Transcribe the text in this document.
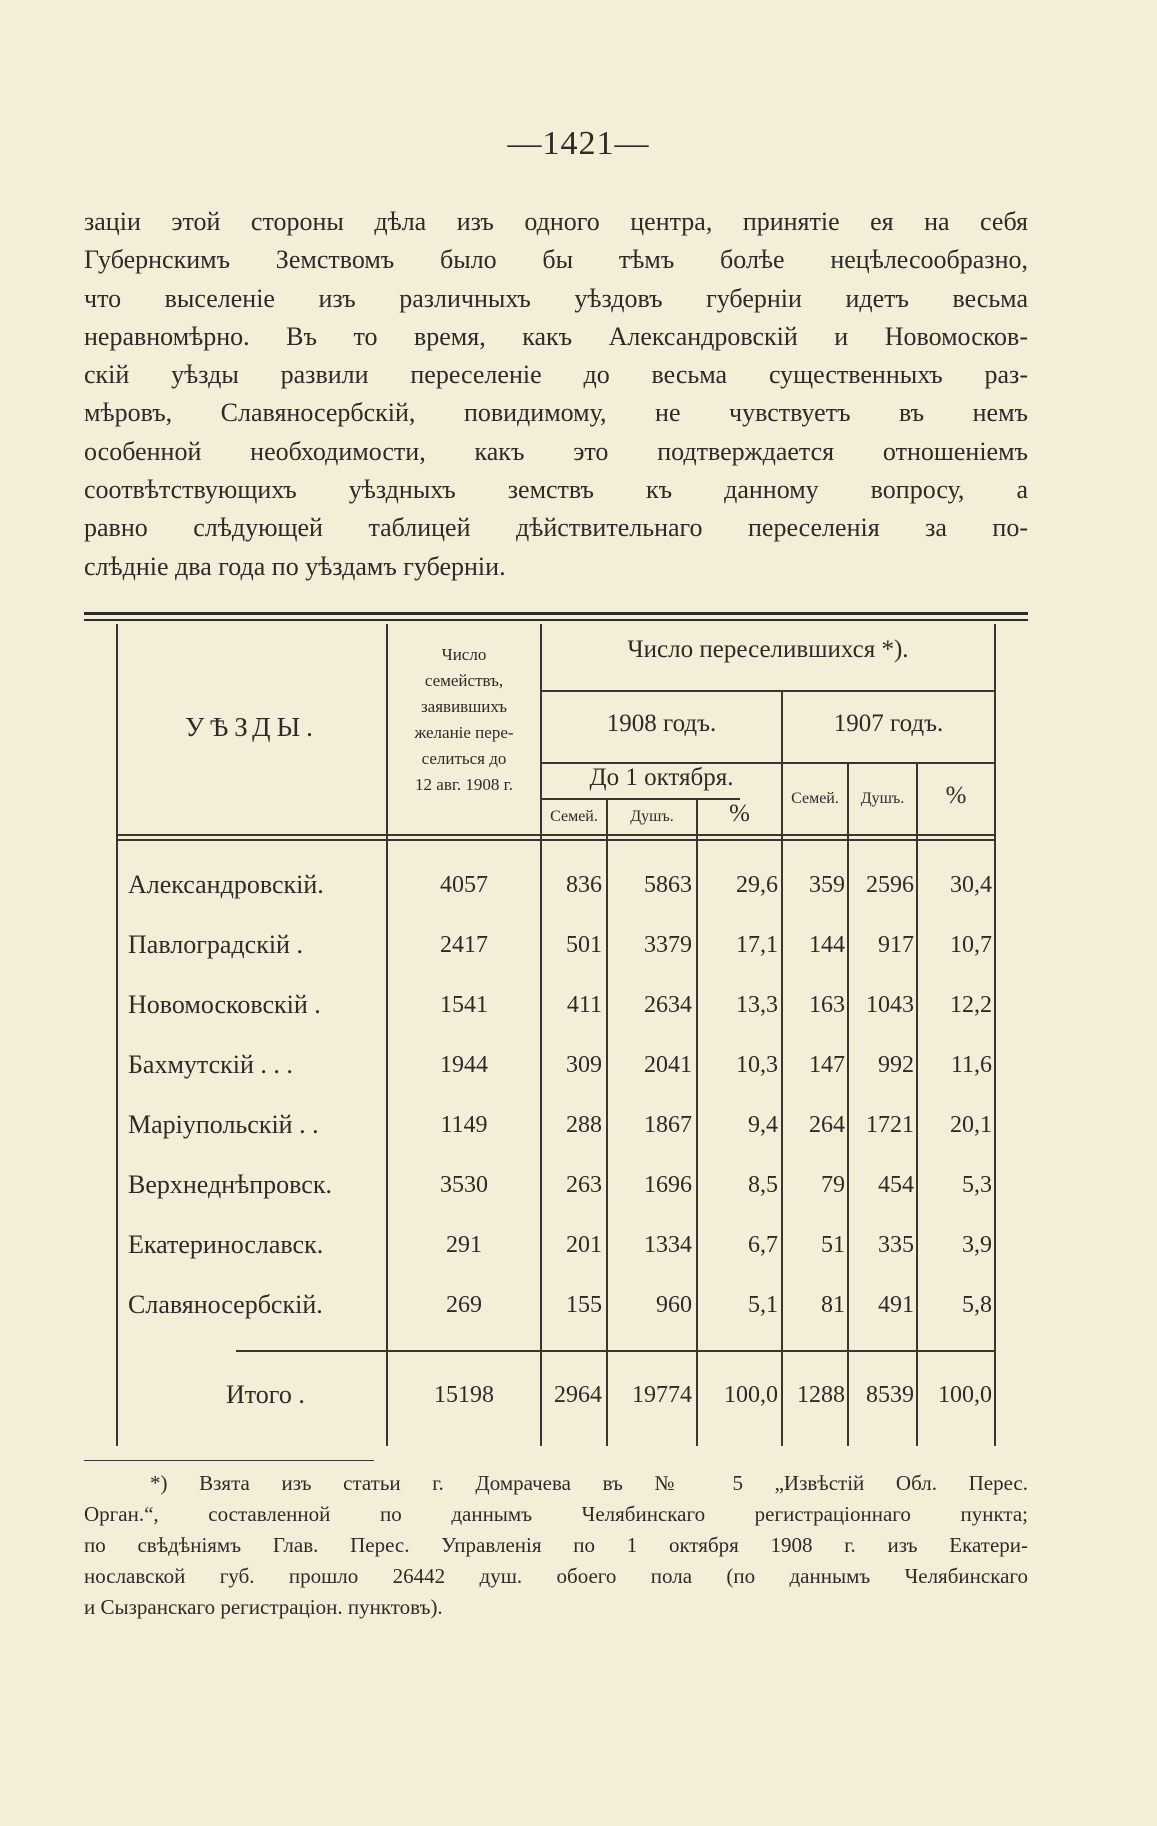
—1421—
заціи этой стороны дѣла изъ одного центра, принятіе ея на себя
Губернскимъ Земствомъ было бы тѣмъ болѣе нецѣлесообразно,
что выселеніе изъ различныхъ уѣздовъ губерніи идетъ весьма
неравномѣрно. Въ то время, какъ Александровскій и Новомосков-
скій уѣзды развили переселеніе до весьма существенныхъ раз-
мѣровъ, Славяносербскій, повидимому, не чувствуетъ въ немъ
особенной необходимости, какъ это подтверждается отношеніемъ
соотвѣтствующихъ уѣздныхъ земствъ къ данному вопросу, а
равно слѣдующей таблицей дѣйствительнаго переселенія за по-
слѣдніе два года по уѣздамъ губерніи.
УѢЗДЫ.
Число
семействъ,
заявившихъ
желаніе пере-
селиться до
12 авг. 1908 г.
Число переселившихся *).
1908 годъ.	1907 годъ.
До 1 октября.
Семей.	Душъ.	%
Семей.	Душъ.	%
Александровскій.	4057	836 5863 29,6 359 2596 30,4
Павлоградскій .	2417	501 3379 17,1 144 917 10,7
Новомосковскій .	1541	411 2634 13,3 163 1043 12,2
Бахмутскій . . .	1944	309 2041 10,3 147 992 11,6
Маріупольскій . .	1149	288 1867 9,4 264 1721 20,1
Верхнеднѣпровск.	3530	263 1696 8,5 79 454 5,3
Екатеринославск.	291	201 1334 6,7 51 335 3,9
Славяносербскій.	269	155 960 5,1 81 491 5,8
Итого .	15198	2964 19774 100,0 1288 8539 100,0
*) Взята изъ статьи г. Домрачева въ № 5 „Извѣстій Обл. Перес.
Орган.“, составленной по даннымъ Челябинскаго регистраціоннаго пункта;
по свѣдѣніямъ Глав. Перес. Управленія по 1 октября 1908 г. изъ Екатери-
нославской губ. прошло 26442 душ. обоего пола (по даннымъ Челябинскаго
и Сызранскаго регистраціон. пунктовъ).
